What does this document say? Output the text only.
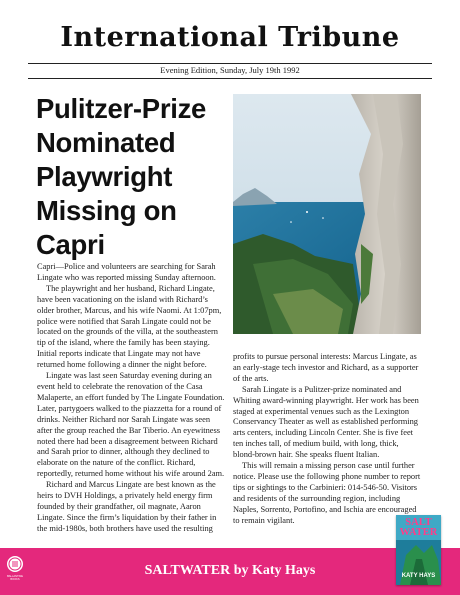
International Tribune
Evening Edition, Sunday, July 19th 1992
Pulitzer-Prize
Nominated
Playwright
Missing on
Capri

Capri—Police and volunteers are searching for Sarah Lingate who was reported missing Sunday afternoon.

The playwright and her husband, Richard Lingate, have been vacationing on the island with Richard’s older brother, Marcus, and his wife Naomi. At 1:07pm, police were notified that Sarah Lingate could not be located on the grounds of the villa, at the southeastern tip of the island, where the family has been staying. Initial reports indicate that Lingate may not have returned home following a dinner the night before.

Lingate was last seen Saturday evening during an event held to celebrate the renovation of the Casa Malaperte, an effort funded by The Lingate Foundation. Later, partygoers walked to the piazzetta for a round of drinks. Neither Richard nor Sarah Lingate was seen after the group reached the Bar Tiberio. An eyewitness noted there had been a disagreement between Richard and Sarah prior to dinner, although they declined to elaborate on the nature of the conflict. Richard, reportedly, returned home without his wife around 2am.

Richard and Marcus Lingate are best known as the heirs to DVH Holdings, a privately held energy firm founded by their grandfather, oil magnate, Aaron Lingate. Since the firm’s liquidation by their father in the mid-1980s, both brothers have used the resulting

profits to pursue personal interests: Marcus Lingate, as an early-stage tech investor and Richard, as a supporter of the arts.

Sarah Lingate is a Pulitzer-prize nominated and Whiting award-winning playwright. Her work has been staged at experimental venues such as the Lexington Conservancy Theater as well as established performing arts centers, including Lincoln Center. She is five feet ten inches tall, of medium build, with long, thick, blond-brown hair. She speaks fluent Italian.

This will remain a missing person case until further notice. Please use the following phone number to report tips or sightings to the Carbinieri: 014-546-50. Visitors and residents of the surrounding region, including Naples, Sorrento, Portofino, and Ischia are encouraged to remain vigilant.

BALLANTINE
BOOKS
SALTWATER by Katy Hays
SALT
WATER
KATY HAYS
